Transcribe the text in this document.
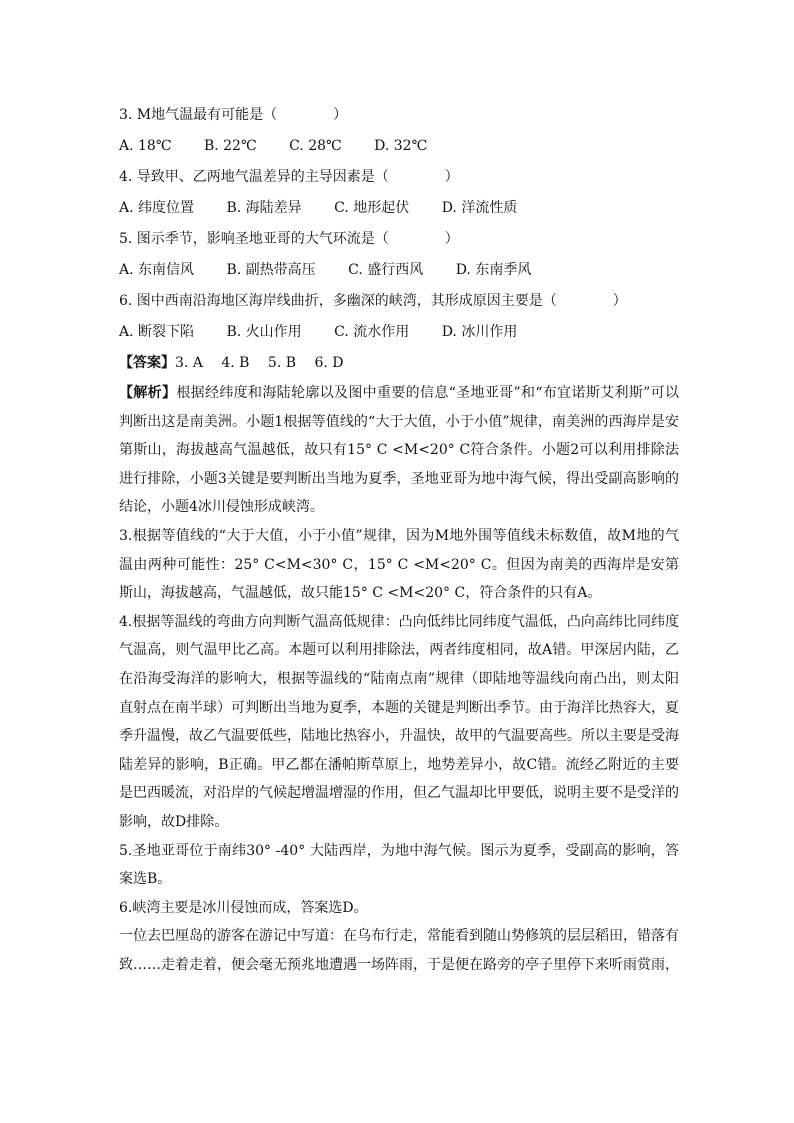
3. M地气温最有可能是（　　　　）
A. 18℃ B. 22℃ C. 28℃ D. 32℃
4. 导致甲、乙两地气温差异的主导因素是（　　　　）
A. 纬度位置 B. 海陆差异 C. 地形起伏 D. 洋流性质
5. 图示季节，影响圣地亚哥的大气环流是（　　　　）
A. 东南信风 B. 副热带高压 C. 盛行西风 D. 东南季风
6. 图中西南沿海地区海岸线曲折，多幽深的峡湾，其形成原因主要是（　　　　）
A. 断裂下陷 B. 火山作用 C. 流水作用 D. 冰川作用
【答案】3. A　 4. B　 5. B　 6. D

【解析】根据经纬度和海陆轮廓以及图中重要的信息“圣地亚哥”和“布宜诺斯艾利斯”可以判断出这是南美洲。小题1根据等值线的“大于大值，小于小值”规律，南美洲的西海岸是安第斯山，海拔越高气温越低，故只有15° C <M<20° C符合条件。小题2可以利用排除法进行排除，小题3关键是要判断出当地为夏季，圣地亚哥为地中海气候，得出受副高影响的结论，小题4冰川侵蚀形成峡湾。

3.根据等值线的“大于大值，小于小值”规律，因为M地外围等值线未标数值，故M地的气温由两种可能性：25° C<M<30° C，15° C <M<20° C。但因为南美的西海岸是安第斯山，海拔越高，气温越低，故只能15° C <M<20° C，符合条件的只有A。

4.根据等温线的弯曲方向判断气温高低规律：凸向低纬比同纬度气温低，凸向高纬比同纬度气温高，则气温甲比乙高。本题可以利用排除法，两者纬度相同，故A错。甲深居内陆，乙在沿海受海洋的影响大，根据等温线的“陆南点南”规律（即陆地等温线向南凸出，则太阳直射点在南半球）可判断出当地为夏季，本题的关键是判断出季节。由于海洋比热容大，夏季升温慢，故乙气温要低些，陆地比热容小，升温快，故甲的气温要高些。所以主要是受海陆差异的影响，B正确。甲乙都在潘帕斯草原上，地势差异小，故C错。流经乙附近的主要是巴西暖流，对沿岸的气候起增温增湿的作用，但乙气温却比甲要低，说明主要不是受洋的影响，故D排除。

5.圣地亚哥位于南纬30° -40° 大陆西岸，为地中海气候。图示为夏季，受副高的影响，答案选B。

6.峡湾主要是冰川侵蚀而成，答案选D。

一位去巴厘岛的游客在游记中写道：在乌布行走，常能看到随山势修筑的层层稻田，错落有致……走着走着，便会毫无预兆地遭遇一场阵雨，于是便在路旁的亭子里停下来听雨赏雨，
